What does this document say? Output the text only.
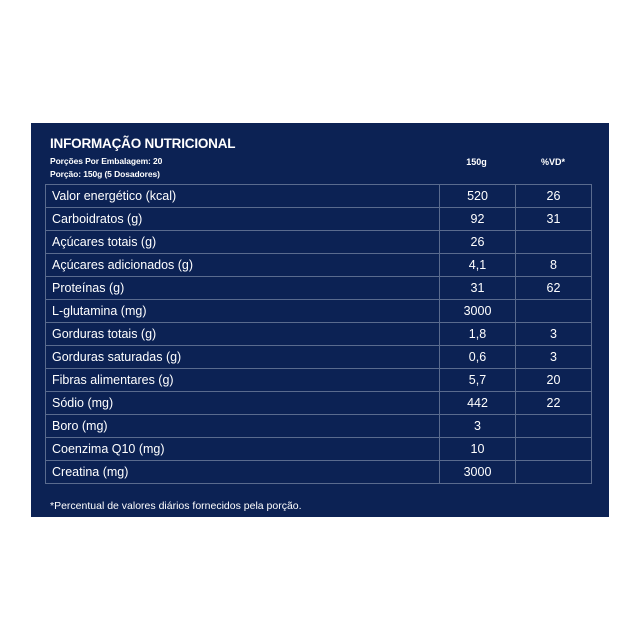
INFORMAÇÃO NUTRICIONAL
Porções Por Embalagem: 20
Porção: 150g (5 Dosadores)
150g	%VD*
Valor energético (kcal)	520	26
Carboidratos (g)	92	31
Açúcares totais (g)	26	
Açúcares adicionados (g)	4,1	8
Proteínas (g)	31	62
L-glutamina (mg)	3000	
Gorduras totais (g)	1,8	3
Gorduras saturadas (g)	0,6	3
Fibras alimentares (g)	5,7	20
Sódio (mg)	442	22
Boro (mg)	3	
Coenzima Q10 (mg)	10	
Creatina (mg)	3000	
*Percentual de valores diários fornecidos pela porção.
